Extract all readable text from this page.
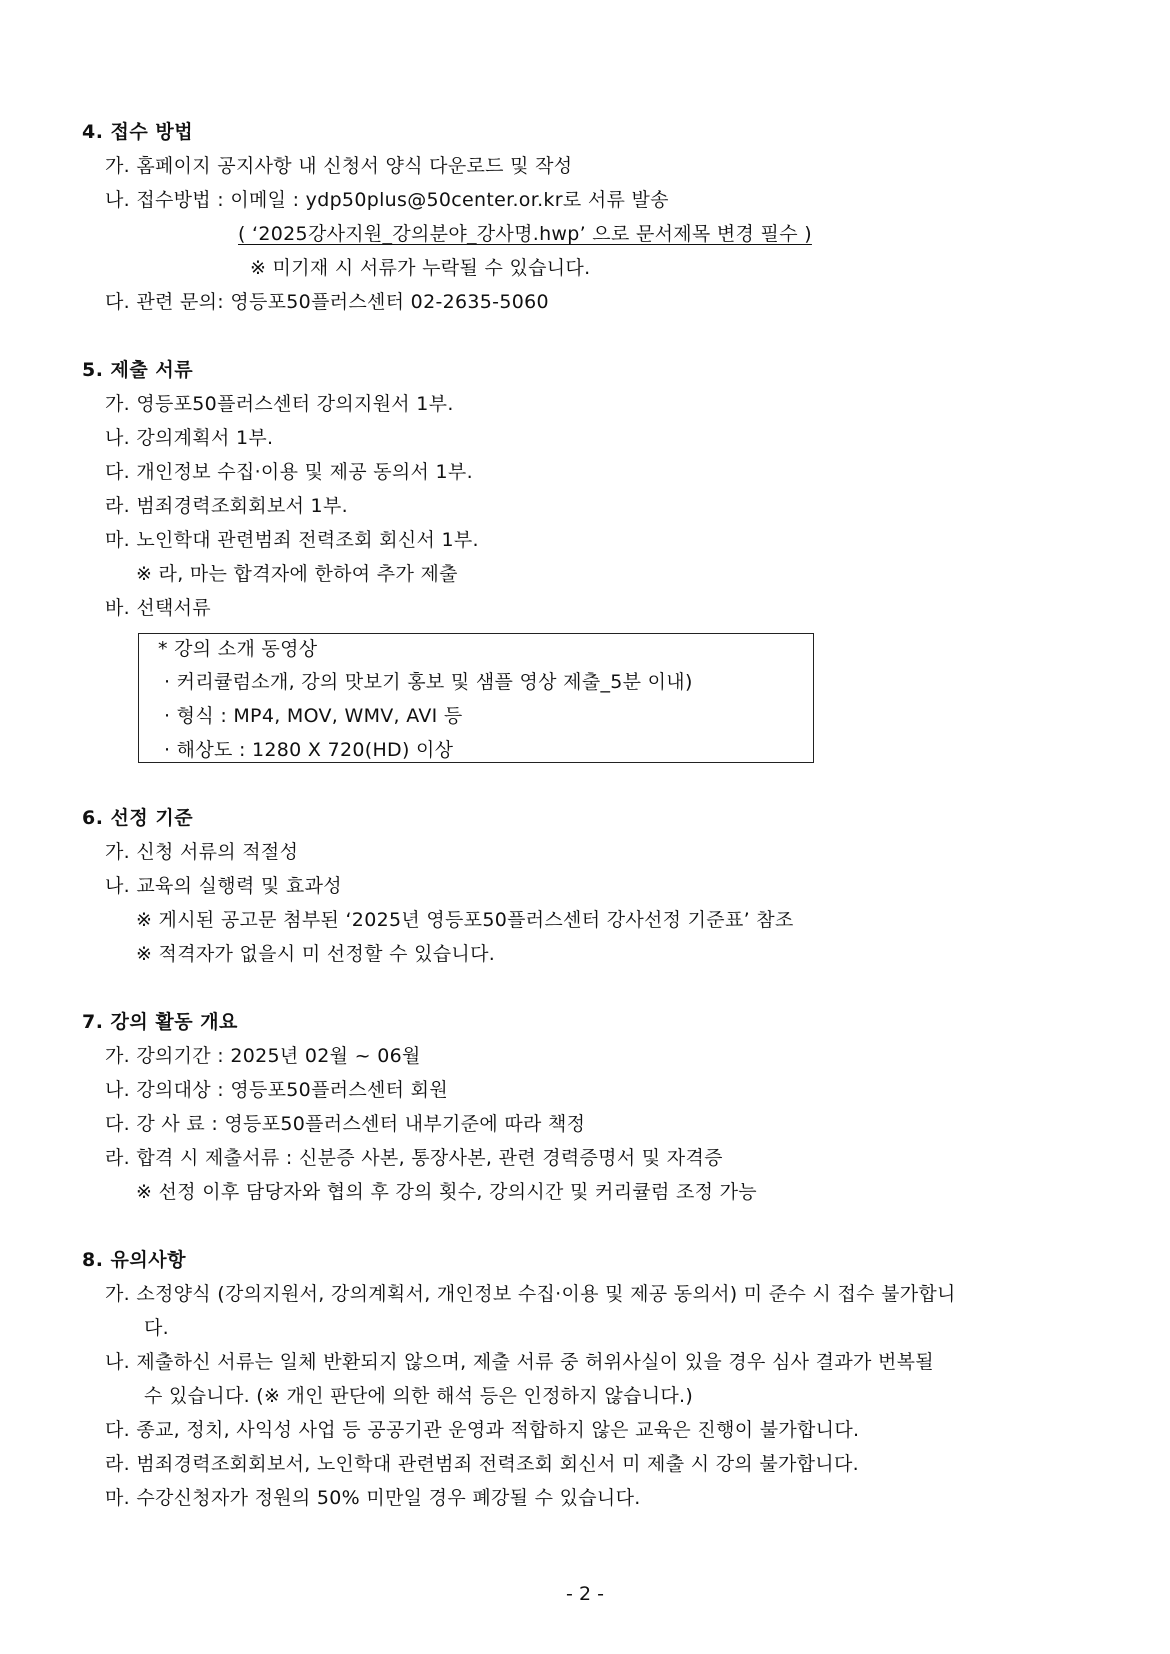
4. 접수 방법
가. 홈페이지 공지사항 내 신청서 양식 다운로드 및 작성
나. 접수방법 : 이메일 : ydp50plus@50center.or.kr로 서류 발송
( ‘2025강사지원_강의분야_강사명.hwp’ 으로 문서제목 변경 필수 )
※ 미기재 시 서류가 누락될 수 있습니다.
다. 관련 문의: 영등포50플러스센터 02-2635-5060
5. 제출 서류
가. 영등포50플러스센터 강의지원서 1부.
나. 강의계획서 1부.
다. 개인정보 수집·이용 및 제공 동의서 1부.
라. 범죄경력조회회보서 1부.
마. 노인학대 관련범죄 전력조회 회신서 1부.
※ 라, 마는 합격자에 한하여 추가 제출
바. 선택서류
* 강의 소개 동영상
· 커리큘럼소개, 강의 맛보기 홍보 및 샘플 영상 제출_5분 이내)
· 형식 : MP4, MOV, WMV, AVI 등
· 해상도 : 1280 X 720(HD) 이상
6. 선정 기준
가. 신청 서류의 적절성
나. 교육의 실행력 및 효과성
※ 게시된 공고문 첨부된 ‘2025년 영등포50플러스센터 강사선정 기준표’ 참조
※ 적격자가 없을시 미 선정할 수 있습니다.
7. 강의 활동 개요
가. 강의기간 : 2025년 02월 ~ 06월
나. 강의대상 : 영등포50플러스센터 회원
다. 강 사 료 : 영등포50플러스센터 내부기준에 따라 책정
라. 합격 시 제출서류 : 신분증 사본, 통장사본, 관련 경력증명서 및 자격증
※ 선정 이후 담당자와 협의 후 강의 횟수, 강의시간 및 커리큘럼 조정 가능
8. 유의사항
가. 소정양식 (강의지원서, 강의계획서, 개인정보 수집·이용 및 제공 동의서) 미 준수 시 접수 불가합니
다.
나. 제출하신 서류는 일체 반환되지 않으며, 제출 서류 중 허위사실이 있을 경우 심사 결과가 번복될
수 있습니다. (※ 개인 판단에 의한 해석 등은 인정하지 않습니다.)
다. 종교, 정치, 사익성 사업 등 공공기관 운영과 적합하지 않은 교육은 진행이 불가합니다.
라. 범죄경력조회회보서, 노인학대 관련범죄 전력조회 회신서 미 제출 시 강의 불가합니다.
마. 수강신청자가 정원의 50% 미만일 경우 폐강될 수 있습니다.
- 2 -
